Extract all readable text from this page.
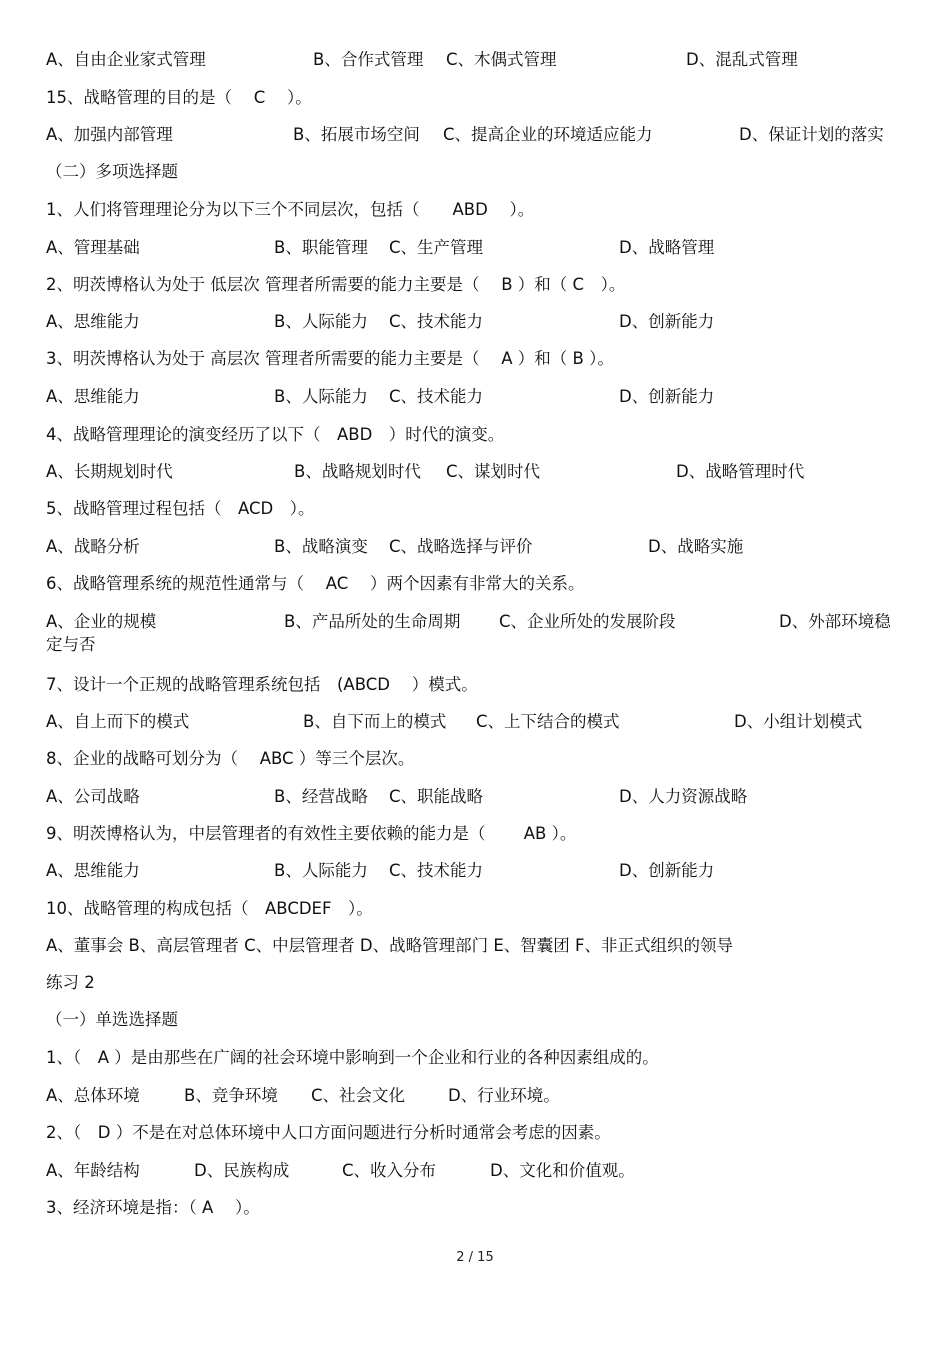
A、自由企业家式管理	B、合作式管理 C、木偶式管理	D、混乱式管理
15、战略管理的目的是（　 C 　）。
A、加强内部管理	B、拓展市场空间 C、提高企业的环境适应能力	D、保证计划的落实
（二）多项选择题
1、人们将管理理论分为以下三个不同层次，包括（　　ABD　 ）。
A、管理基础	B、职能管理 C、生产管理	D、战略管理
2、明茨博格认为处于 低层次 管理者所需要的能力主要是（　 B ）和（ C　）。
A、思维能力	B、人际能力 C、技术能力	D、创新能力
3、明茨博格认为处于 高层次 管理者所需要的能力主要是（　 A ）和（ B ）。
A、思维能力	B、人际能力 C、技术能力	D、创新能力
4、战略管理理论的演变经历了以下（　ABD　）时代的演变。
A、长期规划时代	B、战略规划时代 C、谋划时代	D、战略管理时代
5、战略管理过程包括（　ACD　）。
A、战略分析	B、战略演变 C、战略选择与评价	D、战略实施
6、战略管理系统的规范性通常与（　 AC 　）两个因素有非常大的关系。
A、企业的规模	B、产品所处的生命周期 C、企业所处的发展阶段	D、外部环境稳
定与否
7、设计一个正规的战略管理系统包括　(ABCD　 ）模式。
A、自上而下的模式	B、自下而上的模式 C、上下结合的模式	D、小组计划模式
8、企业的战略可划分为（　 ABC ）等三个层次。
A、公司战略	B、经营战略 C、职能战略	D、人力资源战略
9、明茨博格认为，中层管理者的有效性主要依赖的能力是（　　 AB ）。
A、思维能力	B、人际能力 C、技术能力	D、创新能力
10、战略管理的构成包括（　ABCDEF　）。
A、董事会 B、高层管理者 C、中层管理者 D、战略管理部门 E、智囊团 F、非正式组织的领导
练习 2
（一）单选选择题
1、（　A ）是由那些在广阔的社会环境中影响到一个企业和行业的各种因素组成的。
A、总体环境	B、竞争环境 C、社会文化	D、行业环境。
2、（　D ）不是在对总体环境中人口方面问题进行分析时通常会考虑的因素。
A、年龄结构	D、民族构成	C、收入分布	D、文化和价值观。
3、经济环境是指：（ A　 ）。
2 / 15
